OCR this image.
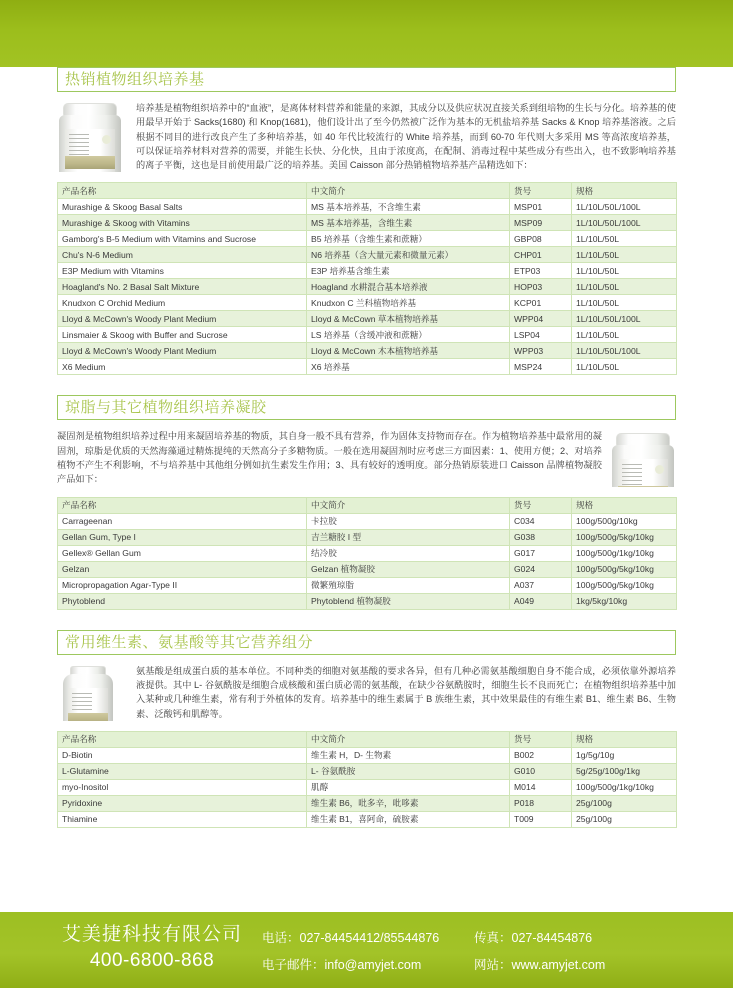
热销植物组织培养基
培养基是植物组织培养中的“血液”，是离体材料营养和能量的来源，其成分以及供应状况直接关系到组培物的生长与分化。培养基的使用最早开始于 Sacks(1680) 和 Knop(1681)，他们设计出了至今仍然被广泛作为基本的无机盐培养基 Sacks & Knop 培养基溶液。之后根据不同目的进行改良产生了多种培养基，如 40 年代比较流行的 White 培养基，而到 60-70 年代则大多采用 MS 等高浓度培养基，可以保证培养材料对营养的需要，并能生长快、分化快，且由于浓度高，在配制、消毒过程中某些成分有些出入，也不致影响培养基的离子平衡，这也是目前使用最广泛的培养基。美国 Caisson 部分热销植物培养基产品精选如下：
产品名称	中文简介	货号	规格
Murashige & Skoog Basal Salts	MS 基本培养基，不含维生素	MSP01	1L/10L/50L/100L
Murashige & Skoog with Vitamins	MS 基本培养基，含维生素	MSP09	1L/10L/50L/100L
Gamborg's B-5 Medium with Vitamins and Sucrose	B5 培养基（含维生素和蔗糖）	GBP08	1L/10L/50L
Chu's N-6 Medium	N6 培养基（含大量元素和微量元素）	CHP01	1L/10L/50L
E3P Medium with Vitamins	E3P 培养基含维生素	ETP03	1L/10L/50L
Hoagland's No. 2 Basal Salt Mixture	Hoagland 水耕混合基本培养液	HOP03	1L/10L/50L
Knudxon C Orchid Medium	Knudxon C 兰科植物培养基	KCP01	1L/10L/50L
Lloyd & McCown's Woody Plant Medium	Lloyd & McCown 草本植物培养基	WPP04	1L/10L/50L/100L
Linsmaier & Skoog with Buffer and Sucrose	LS 培养基（含缓冲液和蔗糖）	LSP04	1L/10L/50L
Lloyd & McCown's Woody Plant Medium	Lloyd & McCown 木本植物培养基	WPP03	1L/10L/50L/100L
X6 Medium	X6 培养基	MSP24	1L/10L/50L
琼脂与其它植物组织培养凝胶
凝固剂是植物组织培养过程中用来凝固培养基的物质，其自身一般不具有营养，作为固体支持物而存在。作为植物培养基中最常用的凝固剂，琼脂是优质的天然海藻通过精炼提纯的天然高分子多糖物质。一般在选用凝固剂时应考虑三方面因素：1、使用方便；2、对培养植物不产生不利影响，不与培养基中其他组分例如抗生素发生作用；3、具有较好的透明度。部分热销原装进口 Caisson 品牌植物凝胶产品如下：
产品名称	中文简介	货号	规格
Carrageenan	卡拉胶	C034	100g/500g/10kg
Gellan Gum, Type I	吉兰糖胶 I 型	G038	100g/500g/5kg/10kg
Gellex® Gellan Gum	结冷胶	G017	100g/500g/1kg/10kg
Gelzan	Gelzan 植物凝胶	G024	100g/500g/5kg/10kg
Micropropagation Agar-Type II	微繁殖琼脂	A037	100g/500g/5kg/10kg
Phytoblend	Phytoblend 植物凝胶	A049	1kg/5kg/10kg
常用维生素、氨基酸等其它营养组分
氨基酸是组成蛋白质的基本单位。不同种类的细胞对氨基酸的要求各异，但有几种必需氨基酸细胞自身不能合成，必须依靠外源培养液提供。其中 L- 谷氨酰胺是细胞合成核酸和蛋白质必需的氨基酸，在缺少谷氨酰胺时，细胞生长不良而死亡；在植物组织培养基中加入某种或几种维生素，常有利于外植体的发育。培养基中的维生素属于 B 族维生素，其中效果最佳的有维生素 B1、维生素 B6、生物素、泛酸钙和肌醇等。
产品名称	中文简介	货号	规格
D-Biotin	维生素 H，D- 生物素	B002	1g/5g/10g
L-Glutamine	L- 谷氨酰胺	G010	5g/25g/100g/1kg
myo-Inositol	肌醇	M014	100g/500g/1kg/10kg
Pyridoxine	维生素 B6，吡多辛，吡哆素	P018	25g/100g
Thiamine	维生素 B1，喜阿命，硫胺素	T009	25g/100g
艾美捷科技有限公司
400-6800-868
电话：027-84454412/85544876	传真：027-84454876
电子邮件：info@amyjet.com	网站：www.amyjet.com
